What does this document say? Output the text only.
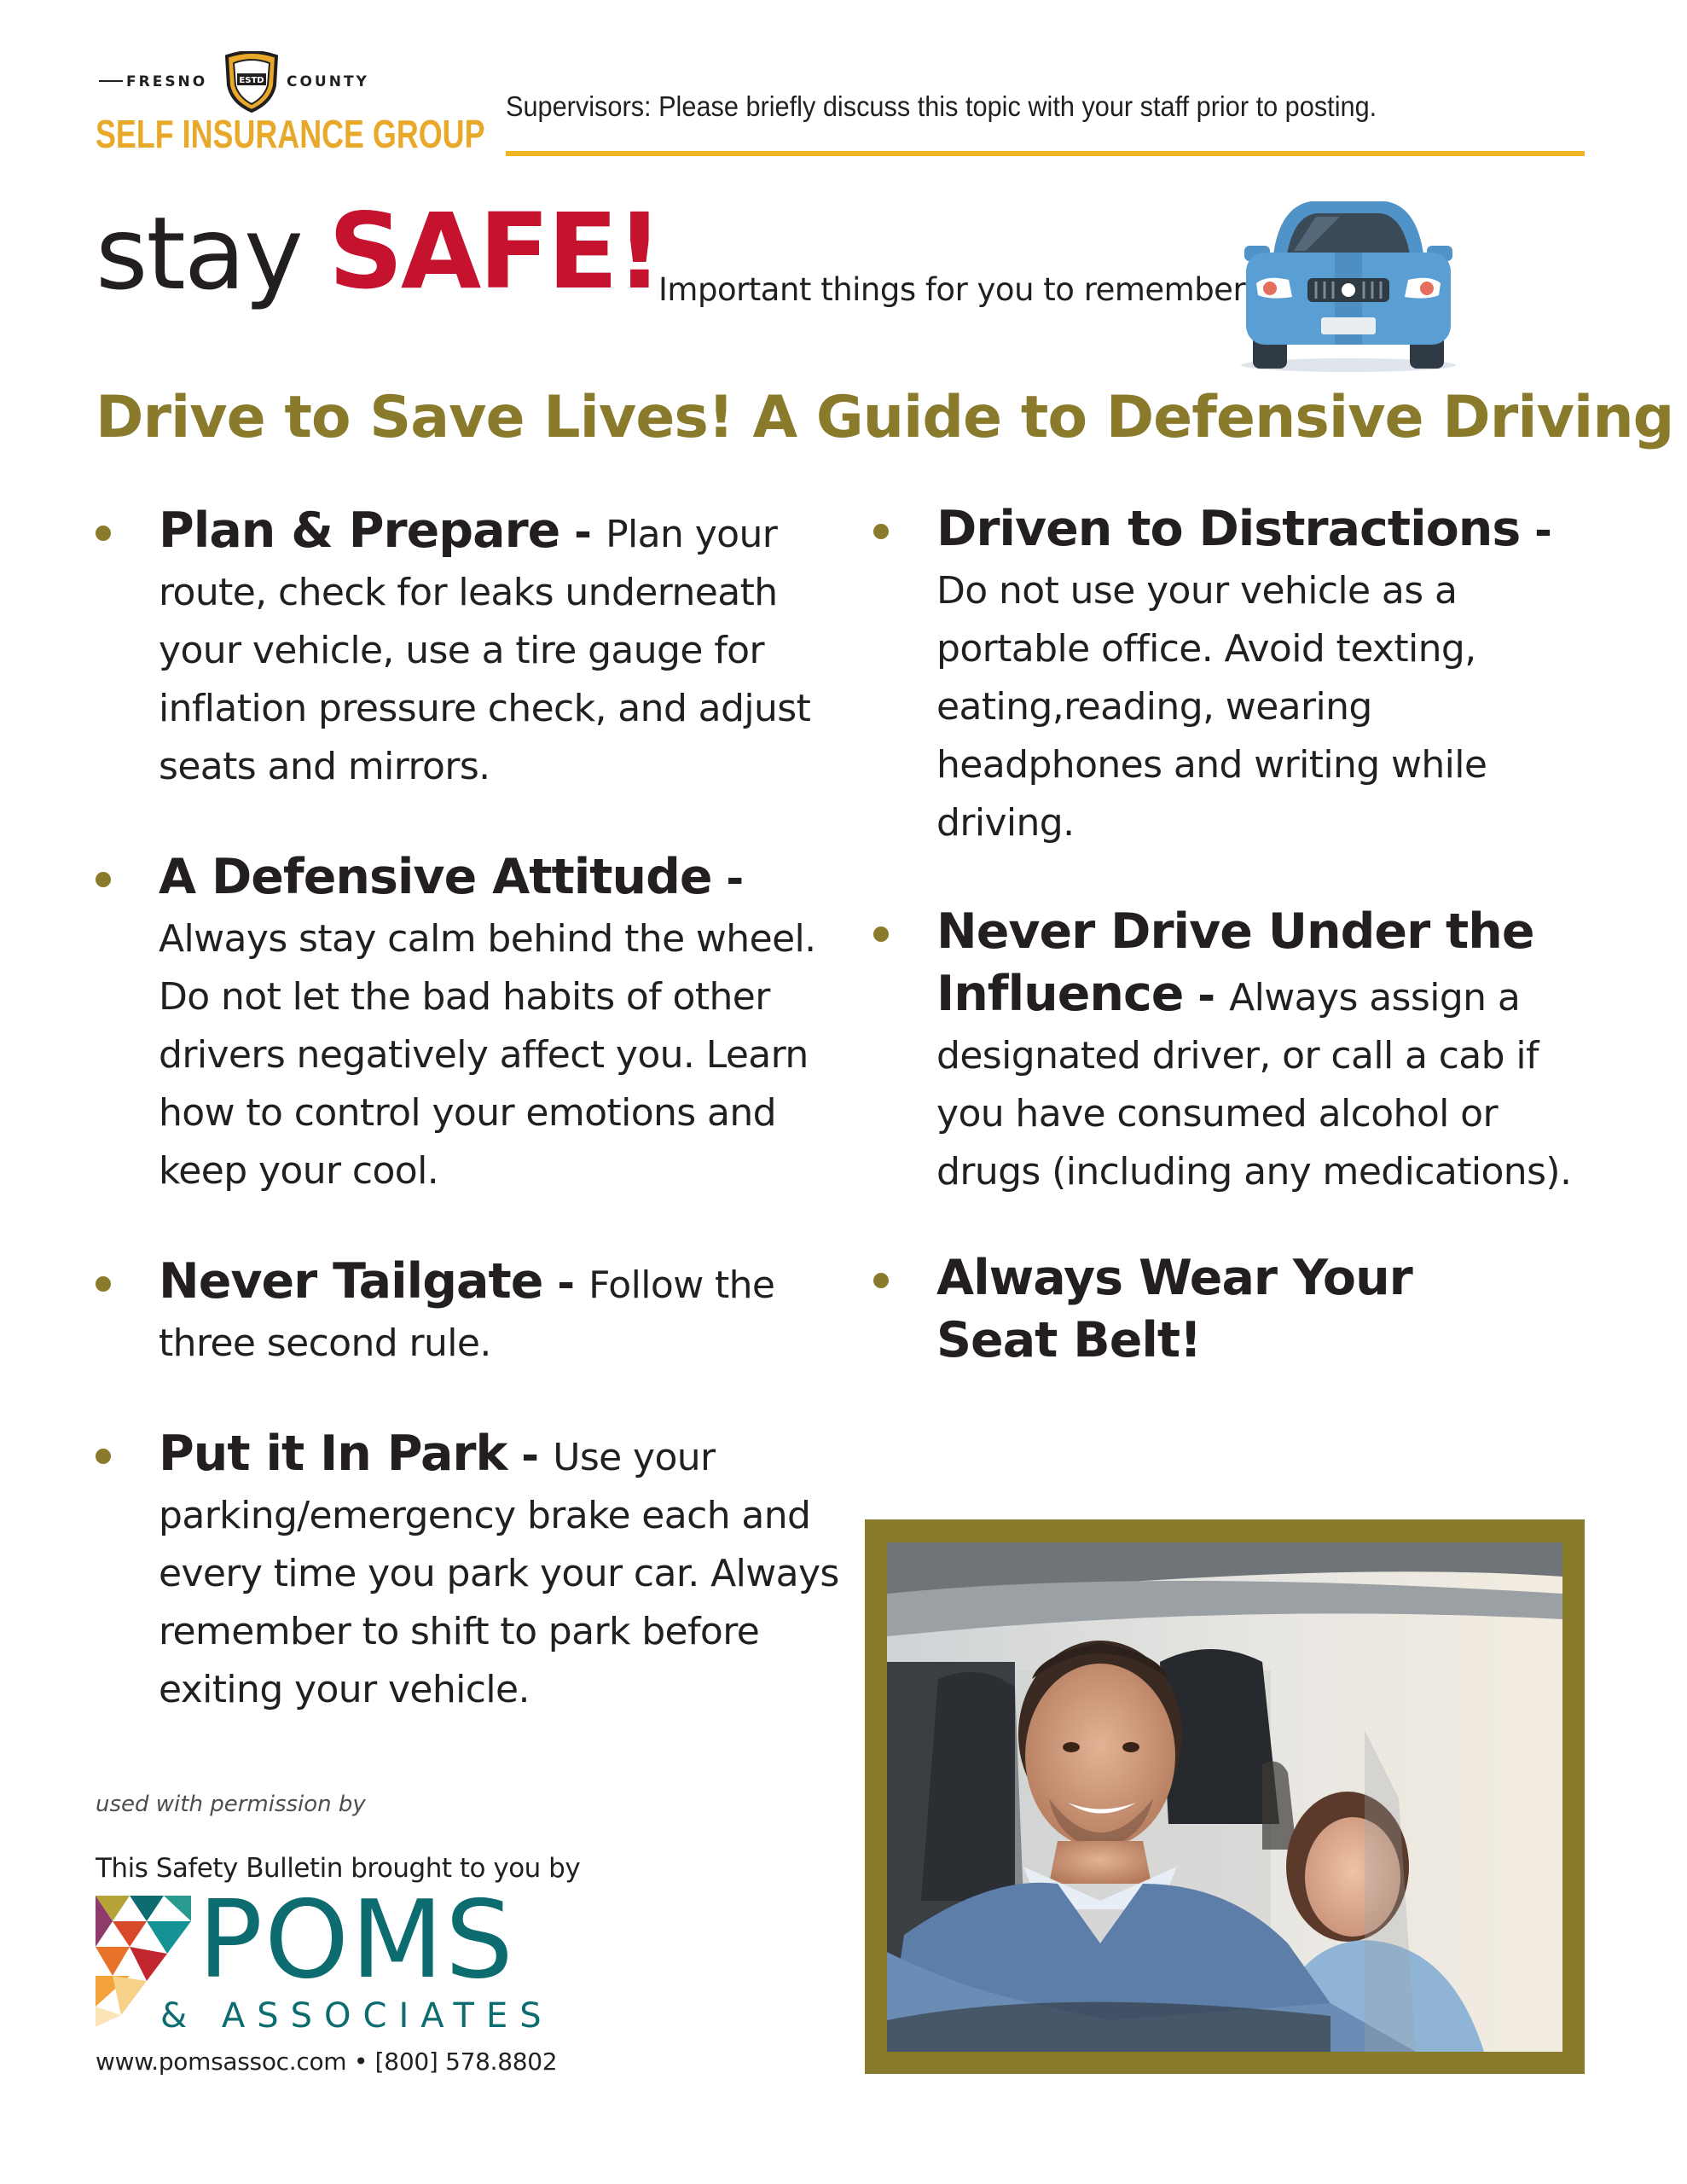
FRESNO	ESTD COUNTY
SELF INSURANCE GROUP
Supervisors: Please briefly discuss this topic with your staff prior to posting.
stay SAFE!
Important things for you to remember
Drive to Save Lives! A Guide to Defensive Driving
Plan & Prepare - Plan your route, check for leaks underneath your vehicle, use a tire gauge for inflation pressure check, and adjust seats and mirrors.
A Defensive Attitude - Always stay calm behind the wheel. Do not let the bad habits of other drivers negatively affect you. Learn how to control your emotions and keep your cool.
Never Tailgate - Follow the three second rule.
Put it In Park - Use your parking/emergency brake each and every time you park your car. Always remember to shift to park before exiting your vehicle.
Driven to Distractions - Do not use your vehicle as a portable office. Avoid texting, eating,reading, wearing headphones and writing while driving.
Never Drive Under the Influence - Always assign a designated driver, or call a cab if you have consumed alcohol or drugs (including any medications).
Always Wear Your Seat Belt!
used with permission by
This Safety Bulletin brought to you by
POMS
& ASSOCIATES
www.pomsassoc.com • [800] 578.8802
